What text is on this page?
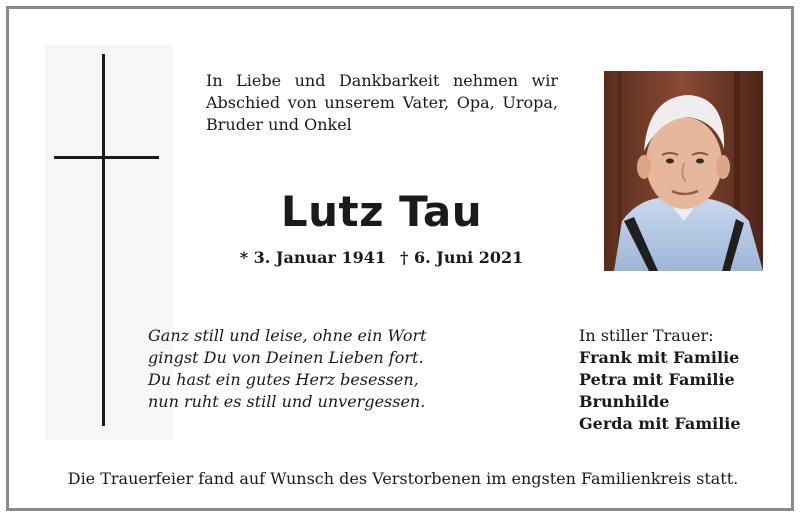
In Liebe und Dankbarkeit nehmen wir
Abschied von unserem Vater, Opa, Uropa,
Bruder und Onkel
Lutz Tau
* 3. Januar 1941 † 6. Juni 2021
Ganz still und leise, ohne ein Wort
gingst Du von Deinen Lieben fort.
Du hast ein gutes Herz besessen,
nun ruht es still und unvergessen.
In stiller Trauer:
Frank mit Familie
Petra mit Familie
Brunhilde
Gerda mit Familie
Die Trauerfeier fand auf Wunsch des Verstorbenen im engsten Familienkreis statt.
